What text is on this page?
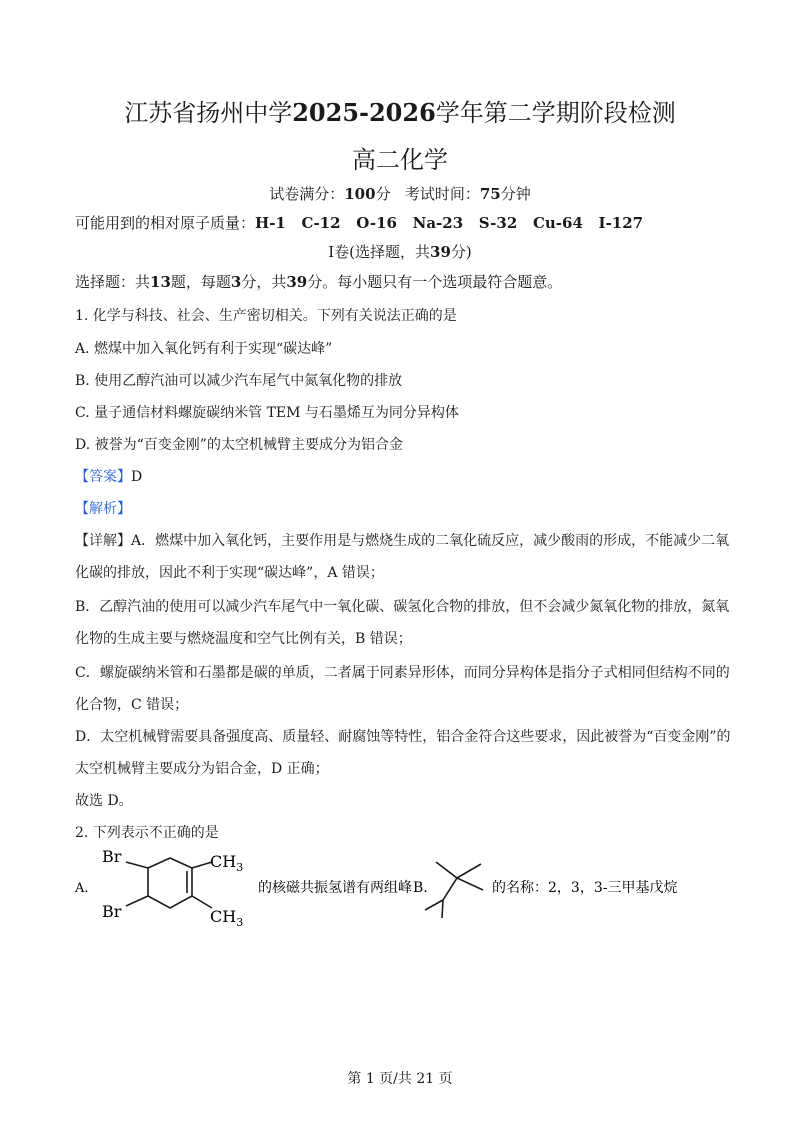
江苏省扬州中学2025-2026学年第二学期阶段检测
高二化学
试卷满分：100分   考试时间：75分钟
可能用到的相对原子质量：H-1   C-12   O-16   Na-23   S-32   Cu-64   I-127
Ⅰ卷(选择题，共39分)
选择题：共13题，每题3分，共39分。每小题只有一个选项最符合题意。
1. 化学与科技、社会、生产密切相关。下列有关说法正确的是
A. 燃煤中加入氧化钙有利于实现“碳达峰”
B. 使用乙醇汽油可以减少汽车尾气中氮氧化物的排放
C. 量子通信材料螺旋碳纳米管 TEM 与石墨烯互为同分异构体
D. 被誉为“百变金刚”的太空机械臂主要成分为铝合金
【答案】D
【解析】
【详解】A．燃煤中加入氧化钙，主要作用是与燃烧生成的二氧化硫反应，减少酸雨的形成，不能减少二氧
化碳的排放，因此不利于实现“碳达峰”，A 错误；
B．乙醇汽油的使用可以减少汽车尾气中一氧化碳、碳氢化合物的排放，但不会减少氮氧化物的排放，氮氧
化物的生成主要与燃烧温度和空气比例有关，B 错误；
C．螺旋碳纳米管和石墨都是碳的单质，二者属于同素异形体，而同分异构体是指分子式相同但结构不同的
化合物，C 错误；
D．太空机械臂需要具备强度高、质量轻、耐腐蚀等特性，铝合金符合这些要求，因此被誉为“百变金刚”的
太空机械臂主要成分为铝合金，D 正确；
故选 D。
2. 下列表示不正确的是
A.
Br
Br
$CH_3$
$CH_3$
的核磁共振氢谱有两组峰 B.	的名称：2，3，3-三甲基戊烷
第 1 页/共 21 页
